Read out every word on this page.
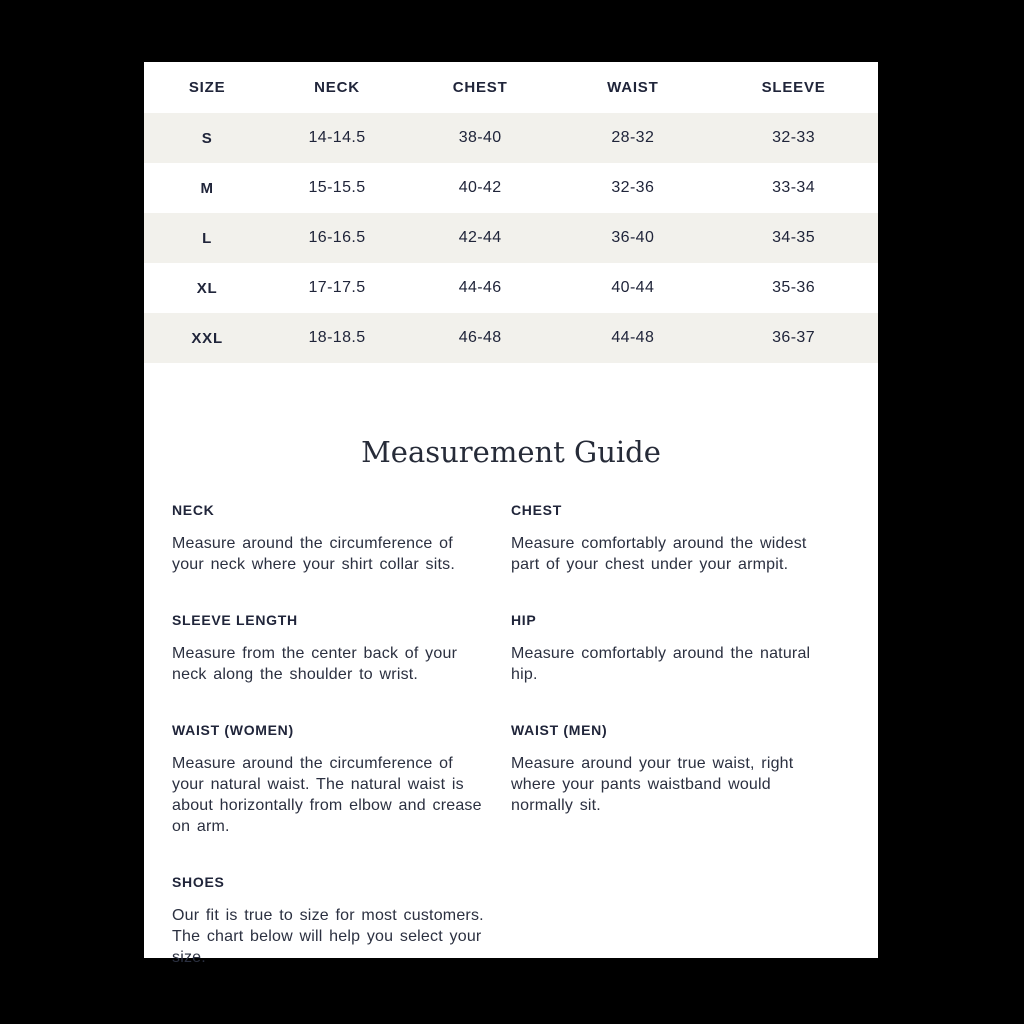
SIZE	NECK	CHEST	WAIST	SLEEVE
S	14-14.5	38-40	28-32	32-33
M	15-15.5	40-42	32-36	33-34
L	16-16.5	42-44	36-40	34-35
XL	17-17.5	44-46	40-44	35-36
XXL	18-18.5	46-48	44-48	36-37
Measurement Guide
NECK

Measure around the circumference of your neck where your shirt collar sits.

CHEST

Measure comfortably around the widest part of your chest under your armpit.

SLEEVE LENGTH

Measure from the center back of your neck along the shoulder to wrist.

HIP

Measure comfortably around the natural hip.

WAIST (WOMEN)

Measure around the circumference of your natural waist. The natural waist is about horizontally from elbow and crease on arm.

WAIST (MEN)

Measure around your true waist, right where your pants waistband would normally sit.

SHOES

Our fit is true to size for most customers. The chart below will help you select your size.
